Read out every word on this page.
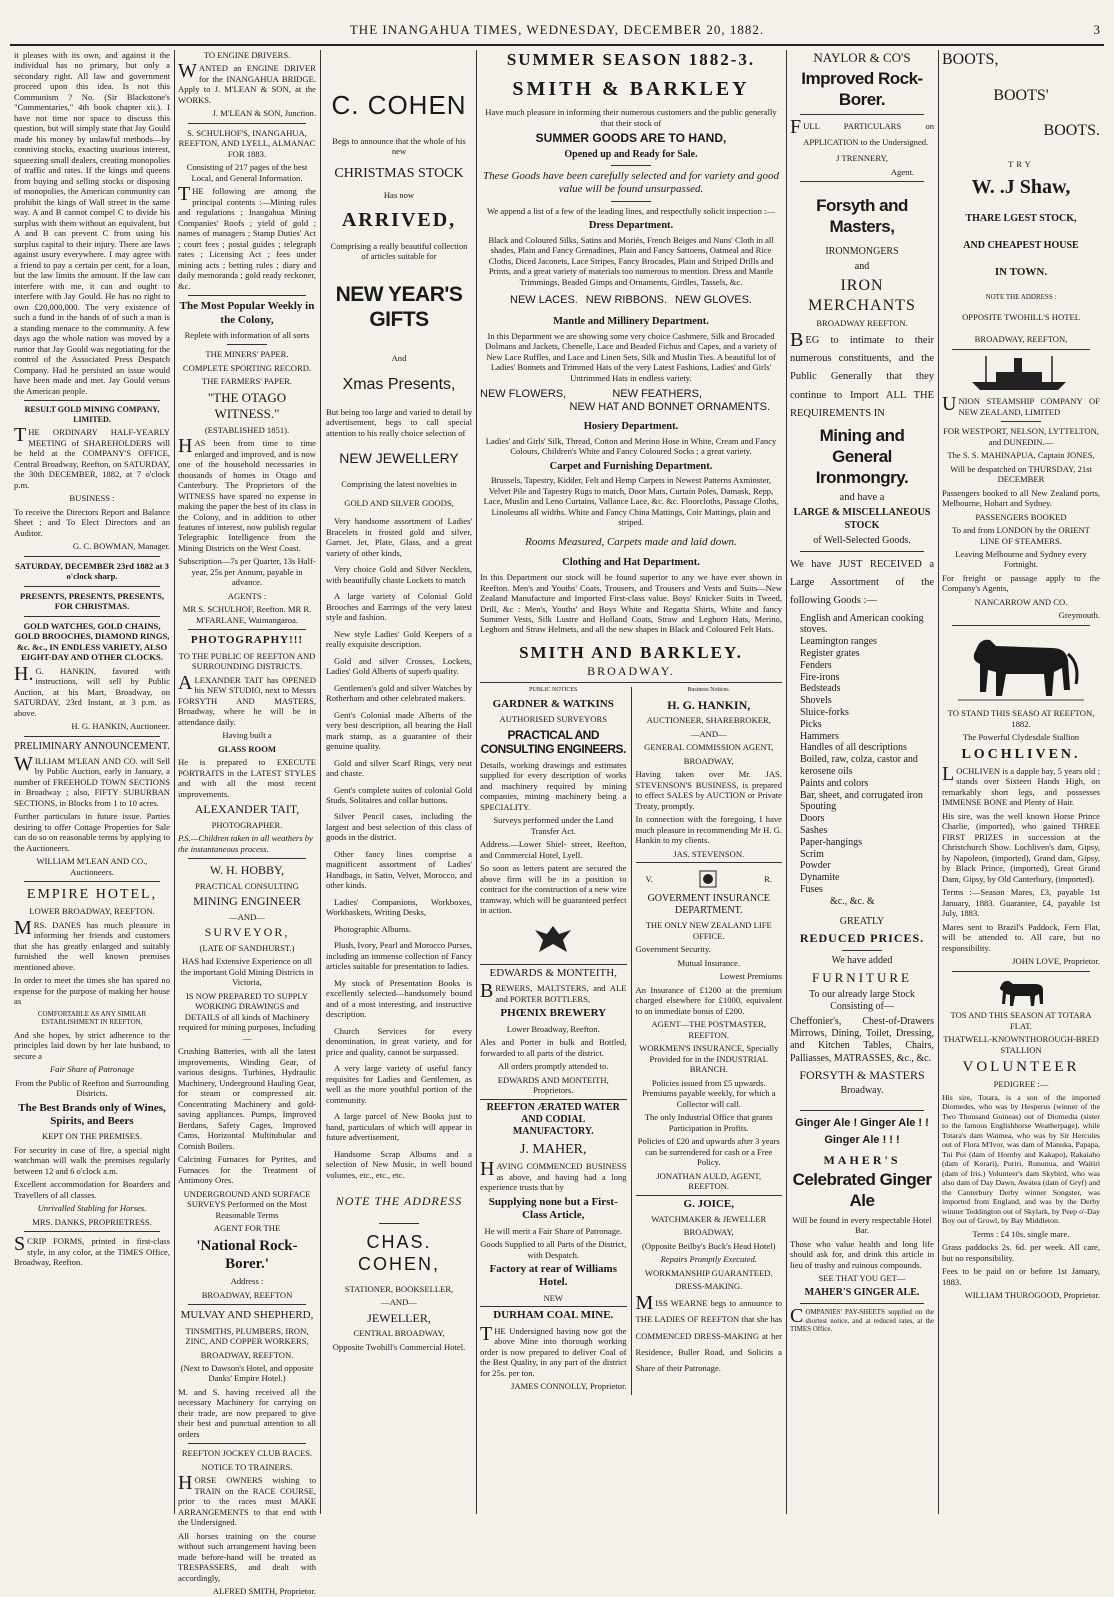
THE INANGAHUA TIMES, WEDNESDAY, DECEMBER 20, 1882.	3

it pleases with its own, and against it the individual has no primary, but only a secondary right. All law and government proceed upon this idea. Is not this Communism ? No. (Sir Blackstone's "Commentaries," 4th book chapter xii.). I have not time nor space to discuss this question, but will simply state that Jay Gould made his money by unlawful methods—by conniving stocks, exacting usurious interest, squeezing small dealers, creating monopolies of traffic and rates. If the kings and queens from buying and selling stocks or disposing of monopolies, the American community can prohibit the kings of Wall street in the same way. A and B cannot compel C to divide his surplus with them without an equivalent, but A and B can prevent C from using his surplus capital to their injury. There are laws against usury everywhere. I may agree with a friend to pay a certain per cent, for a loan, but the law limits the amount. If the law can interfere with me, it can and ought to interfere with Jay Gould. He has no right to own £20,000,000. The very existence of such a fund in the hands of of such a man is a standing menace to the community. A few days ago the whole nation was moved by a rumor that Jay Gould was negotiating for the control of the Associated Press Despatch Company. Had he persisted an issue would have been made and met. Jay Gould versus the American people.

RESULT GOLD MINING COMPANY, LIMITED.

THE ORDINARY HALF-YEARLY MEETING of SHAREHOLDERS will be held at the COMPANY'S OFFICE, Central Broadway, Reefton, on SATURDAY, the 30th DECEMBER, 1882, at 7 o'clock p.m.

BUSINESS :

To receive the Directors Report and Balance Sheet ; and To Elect Directors and an Auditor.

G. C. BOWMAN, Manager.

SATURDAY, DECEMBER 23rd 1882 at 3 o'clock sharp.

PRESENTS, PRESENTS, PRESENTS, FOR CHRISTMAS.

GOLD WATCHES, GOLD CHAINS, GOLD BROOCHES, DIAMOND RINGS, &c. &c., IN ENDLESS VARIETY, ALSO EIGHT-DAY AND OTHER CLOCKS.

H.G. HANKIN, favored with instructions, will sell by Public Auction, at his Mart, Broadway, on SATURDAY, 23rd Instant, at 3 p.m. as above.

H. G. HANKIN, Auctioneer.

PRELIMINARY ANNOUNCEMENT.

WILLIAM M'LEAN AND CO. will Sell by Public Auction, early in January, a number of FREEHOLD TOWN SECTIONS in Broadway ; also, FIFTY SUBURBAN SECTIONS, in Blocks from 1 to 10 acres.

Further particulars in future issue. Parties desiring to offer Cottage Properties for Sale can do so on reasonable terms by applying to the Auctioneers.

WILLIAM M'LEAN AND CO., Auctioneers.

EMPIRE HOTEL,

LOWER BROADWAY, REEFTON.

MRS. DANES has much pleasure in informing her friends and customers that she has greatly enlarged and suitably furnished the well known premises mentioned above.

In order to meet the times she has spared no expense for the purpose of making her house as

COMFORTABLE AS ANY SIMILAR ESTABLISHMENT IN REEFTON,

And she hopes, by strict adherence to the principles laid down by her late husband, to secure a

Fair Share of Patronage

From the Public of Reefton and Surrounding Districts.

The Best Brands only of Wines, Spirits, and Beers

KEPT ON THE PREMISES.

For security in case of fire, a special night watchman will walk the premises regularly between 12 and 6 o'clock a.m.

Excellent accommodation for Boarders and Travellers of all classes.

Unrivalled Stabling for Horses.

MRS. DANKS, PROPRIETRESS.

SCRIP FORMS, printed in first-class style, in any color, at the TIMES Office, Broadway, Reefton.

TO ENGINE DRIVERS.

WANTED an ENGINE DRIVER for the INANGAHUA BRIDGE. Apply to J. M'LEAN & SON, at the WORKS.

J. M'LEAN & SON, Junction.

S. SCHULHOF'S, INANGAHUA, REEFTON, AND LYELL, ALMANAC FOR 1883.

Consisting of 217 pages of the best Local, and General Information.

THE following are among the principal contents :—Mining rules and regulations ; Inangahua Mining Companies' Roofs ; yield of gold ; names of managers ; Stamp Duties' Act ; court fees ; postal guides ; telegraph rates ; Licensing Act ; fees under mining acts ; betting rules ; diary and daily memoranda ; gold ready reckoner, &c.

The Most Popular Weekly in the Colony,

Replete with information of all sorts

THE MINERS' PAPER.

COMPLETE SPORTING RECORD.

THE FARMERS' PAPER.

"THE OTAGO WITNESS."

(ESTABLISHED 1851).

HAS been from time to time enlarged and improved, and is now one of the household necessaries in thousands of homes in Otago and Canterbury. The Proprietors of the WITNESS have spared no expense in making the paper the best of its class in the Colony, and in addition to other features of interest, now publish regular Telegraphic Intelligence from the Mining Districts on the West Coast.

Subscription—7s per Quarter, 13s Half-year, 25s per Annum, payable in advance.

AGENTS :

MR S. SCHULHOF, Reefton. MR R. M'FARLANE, Waimangaroa.

PHOTOGRAPHY!!!

TO THE PUBLIC OF REEFTON AND SURROUNDING DISTRICTS.

ALEXANDER TAIT has OPENED his NEW STUDIO, next to Messrs FORSYTH AND MASTERS, Broadway, where he will be in attendance daily.

Having built a

GLASS ROOM

He is prepared to EXECUTE PORTRAITS in the LATEST STYLES and with all the most recent improvements.

ALEXANDER TAIT,

PHOTOGRAPHER.

P.S.—Children taken in all weathers by the instantaneous process.

W. H. HOBBY,

PRACTICAL CONSULTING

MINING ENGINEER

—AND—

SURVEYOR,

(LATE OF SANDHURST.)

HAS had Extensive Experience on all the important Gold Mining Districts in Victoria,

IS NOW PREPARED TO SUPPLY WORKING DRAWINGS and DETAILS of all kinds of Machinery required for mining purposes, Including—

Crushing Batteries, with all the latest improvements, Winding Gear, of various designs. Turbines, Hydraulic Machinery, Underground Hauling Gear, for steam or compressed air. Concentrating Machinery and gold-saving appliances. Pumps, Improved Berdans, Safety Cages, Improved Cams, Horizontal Multitubular and Cornish Boilers.

Calcining Furnaces for Pyrites, and Furnaces for the Treatment of Antimony Ores.

UNDERGROUND AND SURFACE SURVEYS Performed on the Most Reasonable Terms

AGENT FOR THE

'National Rock-Borer.'

Address :

BROADWAY, REEFTON

MULVAY AND SHEPHERD,

TINSMITHS, PLUMBERS, IRON, ZINC, AND COPPER WORKERS,

BROADWAY, REEFTON.

(Next to Dawson's Hotel, and opposite Danks' Empire Hotel.)

M. and S. having received all the necessary Machinery for carrying on their trade, are now prepared to give their best and punctual attention to all orders

REEFTON JOCKEY CLUB RACES.

NOTICE TO TRAINERS.

HORSE OWNERS wishing to TRAIN on the RACE COURSE, prior to the races must MAKE ARRANGEMENTS to that end with the Undersigned.

All horses training on the course without such arrangement having been made before-hand will be treated as TRESPASSERS, and dealt with accordingly,

ALFRED SMITH, Proprietor.

C. COHEN

Begs to announce that the whole of his new

CHRISTMAS STOCK

Has now

ARRIVED,

Comprising a really beautiful collection of articles suitable for

NEW YEAR'S GIFTS

And

Xmas Presents,

But being too large and varied to detail by advertisement, begs to call special attention to his really choice selection of

NEW JEWELLERY

Comprising the latest novelties in

GOLD AND SILVER GOODS,

Very handsome assortment of Ladies' Bracelets in frosted gold and silver, Garnet. Jet, Plate, Glass, and a great variety of other kinds,

Very choice Gold and Silver Necklets, with beautifully chaste Lockets to match

A large variety of Colonial Gold Brooches and Earrings of the very latest style and fashion.

New style Ladies' Gold Keepers of a really exquisite description.

Gold and silver Crosses, Lockets, Ladies' Gold Alberts of superb quality.

Gentlemen's gold and silver Watches by Rotherham and other celebrated makers.

Gent's Colonial made Alberts of the very best description, all bearing the Hall mark stamp, as a guarantee of their genuine quality.

Gold and silver Scarf Rings, very neat and chaste.

Gent's complete suites of colonial Gold Studs, Solitaires and collar buttons.

Silver Pencil cases, including the largest and best selection of this class of goods in the district.

Other fancy lines comprise a magnificent assortment of Ladies' Handbags, in Satin, Velvet, Morocco, and other kinds.

Ladies' Companions, Workboxes, Workbaskets, Writing Desks,

Photographic Albums.

Plush, Ivory, Pearl and Morocco Purses, including an immense collection of Fancy articles suitable for presentation to ladies.

My stock of Presentation Books is excellently selected—handsomely bound and of a most interesting, and instructive description.

Church Services for every denomination, in great variety, and for price and quality, cannot be surpassed.

A very large variety of useful fancy requisites for Ladies and Gentlemen, as well as the more youthful portion of the community.

A large parcel of New Books just to hand, particulars of which will appear in future advertisement,

Handsome Scrap Albums and a selection of New Music, in well bound volumes, etc., etc., etc.

NOTE THE ADDRESS

CHAS. COHEN,

STATIONER, BOOKSELLER,

—AND—

JEWELLER,

CENTRAL BROADWAY,

Opposite Twohill's Commercial Hotel.

SUMMER SEASON 1882-3.

SMITH & BARKLEY

Have much pleasure in informing their numerous customers and the public generally that their stock of

SUMMER GOODS ARE TO HAND,

Opened up and Ready for Sale.

These Goods have been carefully selected and for variety and good value will be found unsurpassed.

We append a list of a few of the leading lines, and respectfully solicit inspection :—

Dress Department.

Black and Coloured Silks, Satins and Moriés, French Beiges and Nuns' Cloth in all shades, Plain and Fancy Grenadines, Plain and Fancy Sattoens, Oatmeal and Rice Cloths, Diced Jaconets, Lace Stripes, Fancy Brocades, Plain and Striped Drills and Prints, and a great variety of materials too numerous to mention. Dress and Mantle Trimmings, Beaded Gimps and Ornaments, Girdles, Tassels, &c.

NEW LACES. NEW RIBBONS. NEW GLOVES.

Mantle and Millinery Department.

In this Department we are showing some very choice Cashmere, Silk and Brocaded Dolmans and Jackets, Chenelle, Lace and Beaded Fichus and Capes, and a variety of New Lace Ruffles, and Lace and Linen Sets, Silk and Muslin Ties. A beautiful lot of Ladies' Bonnets and Trimmed Hats of the very Latest Fashions, Ladies' and Girls' Untrimmed Hats in endless variety.

NEW FLOWERS,	NEW FEATHERS,
NEW HAT AND BONNET ORNAMENTS.

Hosiery Department.

Ladies' and Girls' Silk, Thread, Cotton and Merino Hose in White, Cream and Fancy Colours, Children's White and Fancy Coloured Socks ; a great variety.

Carpet and Furnishing Department.

Brussels, Tapestry, Kidder, Felt and Hemp Carpets in Newest Patterns Axminster, Velvet Pile and Tapestry Rugs to match, Door Mats, Curtain Poles, Damask, Repp, Lace, Muslin and Leno Curtains, Vallance Lace, &c. &c. Floorcloths, Passage Cloths, Linoleums all widths. White and Fancy China Mattings, Coir Mattings, plain and striped.

Rooms Measured, Carpets made and laid down.

Clothing and Hat Department.

In this Department our stock will be found superior to any we have ever shown in Reefton. Men's and Youths' Coats, Trousers, and Trousers and Vests and Suits—New Zealand Manufacture and Imported First-class value. Boys' Knicker Suits in Tweed, Drill, &c : Men's, Youths' and Boys White and Regatta Shirts, White and fancy Summer Vests, Silk Lustre and Holland Coats, Straw and Leghorn Hats, Merino, Leghorn and Straw Helmets, and all the new shapes in Black and Coloured Felt Hats.

SMITH AND BARKLEY.

BROADWAY.

PUBLIC NOTICES

GARDNER & WATKINS

AUTHORISED SURVEYORS

PRACTICAL AND CONSULTING ENGINEERS.

Details, working drawings and estimates supplied for every description of works and machinery required by mining companies, mining machinery being a SPECIALITY.

Surveys performed under the Land Transfer Act.

Address.—Lower Shiel- street, Reefton, and Commercial Hotel, Lyell.

So soon as letters patent are secured the above firm will be in a position to contract for the construction of a new wire tramway, which will be guaranteed perfect in action.

EDWARDS & MONTEITH,

BREWERS, MALTSTERS, and ALE and PORTER BOTTLERS,

PHŒNIX BREWERY

Lower Broadway, Reefton.

Ales and Porter in bulk and Bottled, forwarded to all parts of the district.

All orders promptly attended to.

EDWARDS AND MONTEITH, Proprietors.

REEFTON ÆRATED WATER AND CODIAL MANUFACTORY.

J. MAHER,

HAVING COMMENCED BUSINESS as above, and having had a long experience trusts that by

Supplying none but a First-Class Article,

He will merit a Fair Share of Patronage.

Goods Supplied to all Parts of the District, with Despatch.

Factory at rear of Williams Hotel.

NEW

DURHAM COAL MINE.

THE Undersigned having now got the above Mine into thorough working order is now prepared to deliver Coal of the Best Quality, in any part of the district for 25s. per ton.

JAMES CONNOLLY, Proprietor.

Business Notices.

H. G. HANKIN,

AUCTIONEER, SHAREBROKER,

—AND—

GENERAL COMMISSION AGENT,

BROADWAY,

Having taken over Mr. JAS. STEVENSON'S BUSINESS, is prepared to effect SALES by AUCTION or Private Treaty, promptly.

In connection with the foregoing, I have much pleasure in recommending Mr H. G. Hankin to my clients.

JAS. STEVENSON.

V.	R.

GOVERMENT INSURANCE DEPARTMENT.

THE ONLY NEW ZEALAND LIFE OFFICE.

Government Security.

Mutual Insurance.

Lowest Premiums

An Insurance of £1200 at the premium charged elsewhere for £1000, equivalent to an immediate bonus of £200.

AGENT—THE POSTMASTER, REEFTON.

WORKMEN'S INSURANCE, Specially Provided for in the INDUSTRIAL BRANCH.

Policies issued from £5 upwards. Premiums payable weekly, for which a Collector will call.

The only Industrial Office that grants Participation in Profits.

Policies of £20 and upwards after 3 years can be surrendered for cash or a Free Policy.

JONATHAN AULD, AGENT, REEFTON.

G. JOICE,

WATCHMAKER & JEWELLER

BROADWAY,

(Opposite Beilby's Buck's Head Hotel)

Repairs Promptly Executed.

WORKMANSHIP GUARANTEED.

DRESS-MAKING.

MISS WEARNE begs to announce to THE LADIES OF REEFTON that she has COMMENCED DRESS-MAKING at her Residence, Buller Road, and Solicits a Share of their Patronage.

NAYLOR & CO'S

Improved Rock-Borer.

FULL PARTICULARS on APPLICATION to the Undersigned.

J TRENNERY,

Agent.

Forsyth and Masters,

IRONMONGERS

and

IRON MERCHANTS

BROADWAY REEFTON.

BEG to intimate to their numerous constituents, and the Public Generally that they continue to Import ALL THE REQUIREMENTS IN

Mining and General Ironmongry.

and have a

LARGE & MISCELLANEOUS STOCK

of Well-Selected Goods.

We have JUST RECEIVED a Large Assortment of the following Goods :—

English and American cooking stoves.
Leamington ranges
Register grates
Fenders
Fire-irons
Bedsteads
Shovels
Sluice-forks
Picks
Hammers
Handles of all descriptions
Boiled, raw, colza, castor and kerosene oils
Paints and colors
Bar, sheet, and corrugated iron
Spouting
Doors
Sashes
Paper-hangings
Scrim
Powder
Dynamite
Fuses

&c., &c. &

GREATLY

REDUCED PRICES.

We have added

FURNITURE

To our already large Stock Consisting of—

Cheffonier's, Chest-of-Drawers Mirrows, Dining, Toilet, Dressing, and Kitchen Tables, Chairs, Palliasses, MATRASSES, &c., &c.

FORSYTH & MASTERS

Broadway.

Ginger Ale ! Ginger Ale ! ! Ginger Ale ! ! !

MAHER'S

Celebrated Ginger Ale

Will be found in every respectable Hotel Bar.

Those who value health and long life should ask for, and drink this article in lieu of trashy and ruinous compounds.

SEE THAT YOU GET—

MAHER'S GINGER ALE.

COMPANIES' PAY-SHEETS supplied on the shortest notice, and at reduced rates, at the TIMES Office.

BOOTS,

BOOTS'

BOOTS.

TRY

W. .J Shaw,

THARE LGEST STOCK,

AND CHEAPEST HOUSE

IN TOWN.

NOTE THE ADDRESS :

OPPOSITE TWOHILL'S HOTEL

BROADWAY, REEFTON,

UNION STEAMSHIP COMPANY OF NEW ZEALAND, LIMITED

FOR WESTPORT, NELSON, LYTTELTON, and DUNEDIN.—

The S. S. MAHINAPUA, Captain JONES,

Will be despatched on THURSDAY, 21st DECEMBER

Passengers booked to all New Zealand ports, Melbourne, Hobart and Sydney.

PASSENGERS BOOKED

To and from LONDON by the ORIENT LINE OF STEAMERS.

Leaving Melbourne and Sydney every Fortnight.

For freight or passage apply to the Company's Agents,

NANCARROW AND CO.

Greymouth.

TO STAND THIS SEASO AT REEFTON, 1882.

The Powerful Clydesdale Stallion

LOCHLIVEN.

LOCHLIVEN is a dapple bay, 5 years old ; stands over Sixteen Hands High, on remarkably short legs, and possesses IMMENSE BONE and Plenty of Hair.

His sire, was the well known Horse Prince Charlie, (imported), who gained THREE FIRST PRIZES in succession at the Christchurch Show. Lochliven's dam, Gipsy, by Napoleon, (imported), Grand dam, Gipsy, by Black Prince, (imported), Great Grand Dam, Gipsy, by Old Canterbury, (imported).

Terms :—Season Mares, £3, payable 1st January, 1883. Guarantee, £4, payable 1st July, 1883.

Mares sent to Brazil's Paddock, Fern Flat, will be attended to. All care, but no responsibility.

JOHN LOVE, Proprietor.

TOS AND THIS SEASON AT TOTARA FLAT.

THATWELL-KNOWNTHOROUGH-BRED STALLION

VOLUNTEER

PEDIGREE :—

His sire, Totara, is a son of the imported Diomedes, who was by Hesperus (winner of the Two Thousand Guineas) out of Diomedia (sister to the famous Englishhorse Weatherpage), while Totara's dam Waimea, who was by Sir Hercules out of Flora M'Ivor, was dam of Manuka, Papapa, Tui Poi (dam of Hornby and Kakapo), Rakaiaho (dam of Korari), Puriri, Rununua, and Waitiri (dam of Iris.) Volunteer's dam Skybird, who was also dam of Day Dawn, Awatea (dam of Gryf) and the Canterbury Derby winner Songster, was imported from England, and was by the Derby winner Teddington out of Skylark, by Peep o'-Day Boy out of Growl, by Bay Middleton.

Terms : £4 10s. single mare.

Grass paddocks 2s. 6d. per week. All care, but no responsibility.

Fees to be paid on or before 1st January, 1883.

WILLIAM THUROGOOD, Proprietor.
